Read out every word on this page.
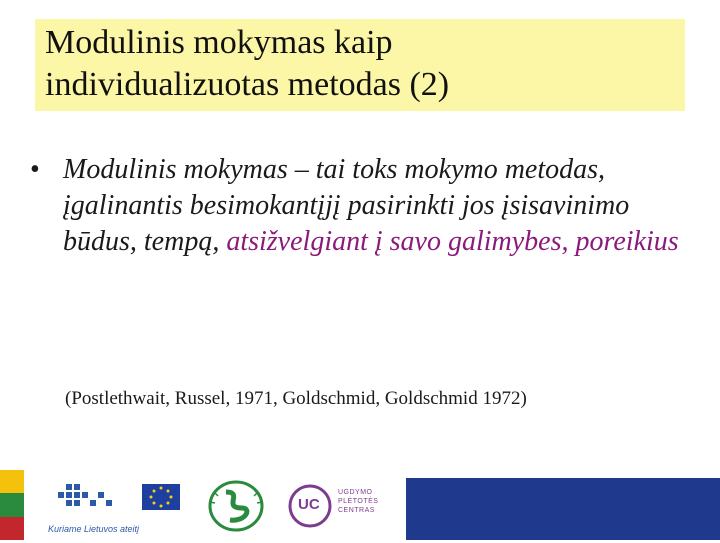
Modulinis mokymas kaip
individualizuotas metodas (2)
• Modulinis mokymas – tai toks mokymo metodas, įgalinantis besimokantįjį pasirinkti jos įsisavinimo būdus, tempą, atsižvelgiant į savo galimybes, poreikius
(Postlethwait, Russel, 1971, Goldschmid, Goldschmid 1972)
Kuriame Lietuvos ateitį
UC
UGDYMO
PLĖTOTĖS
CENTRAS
